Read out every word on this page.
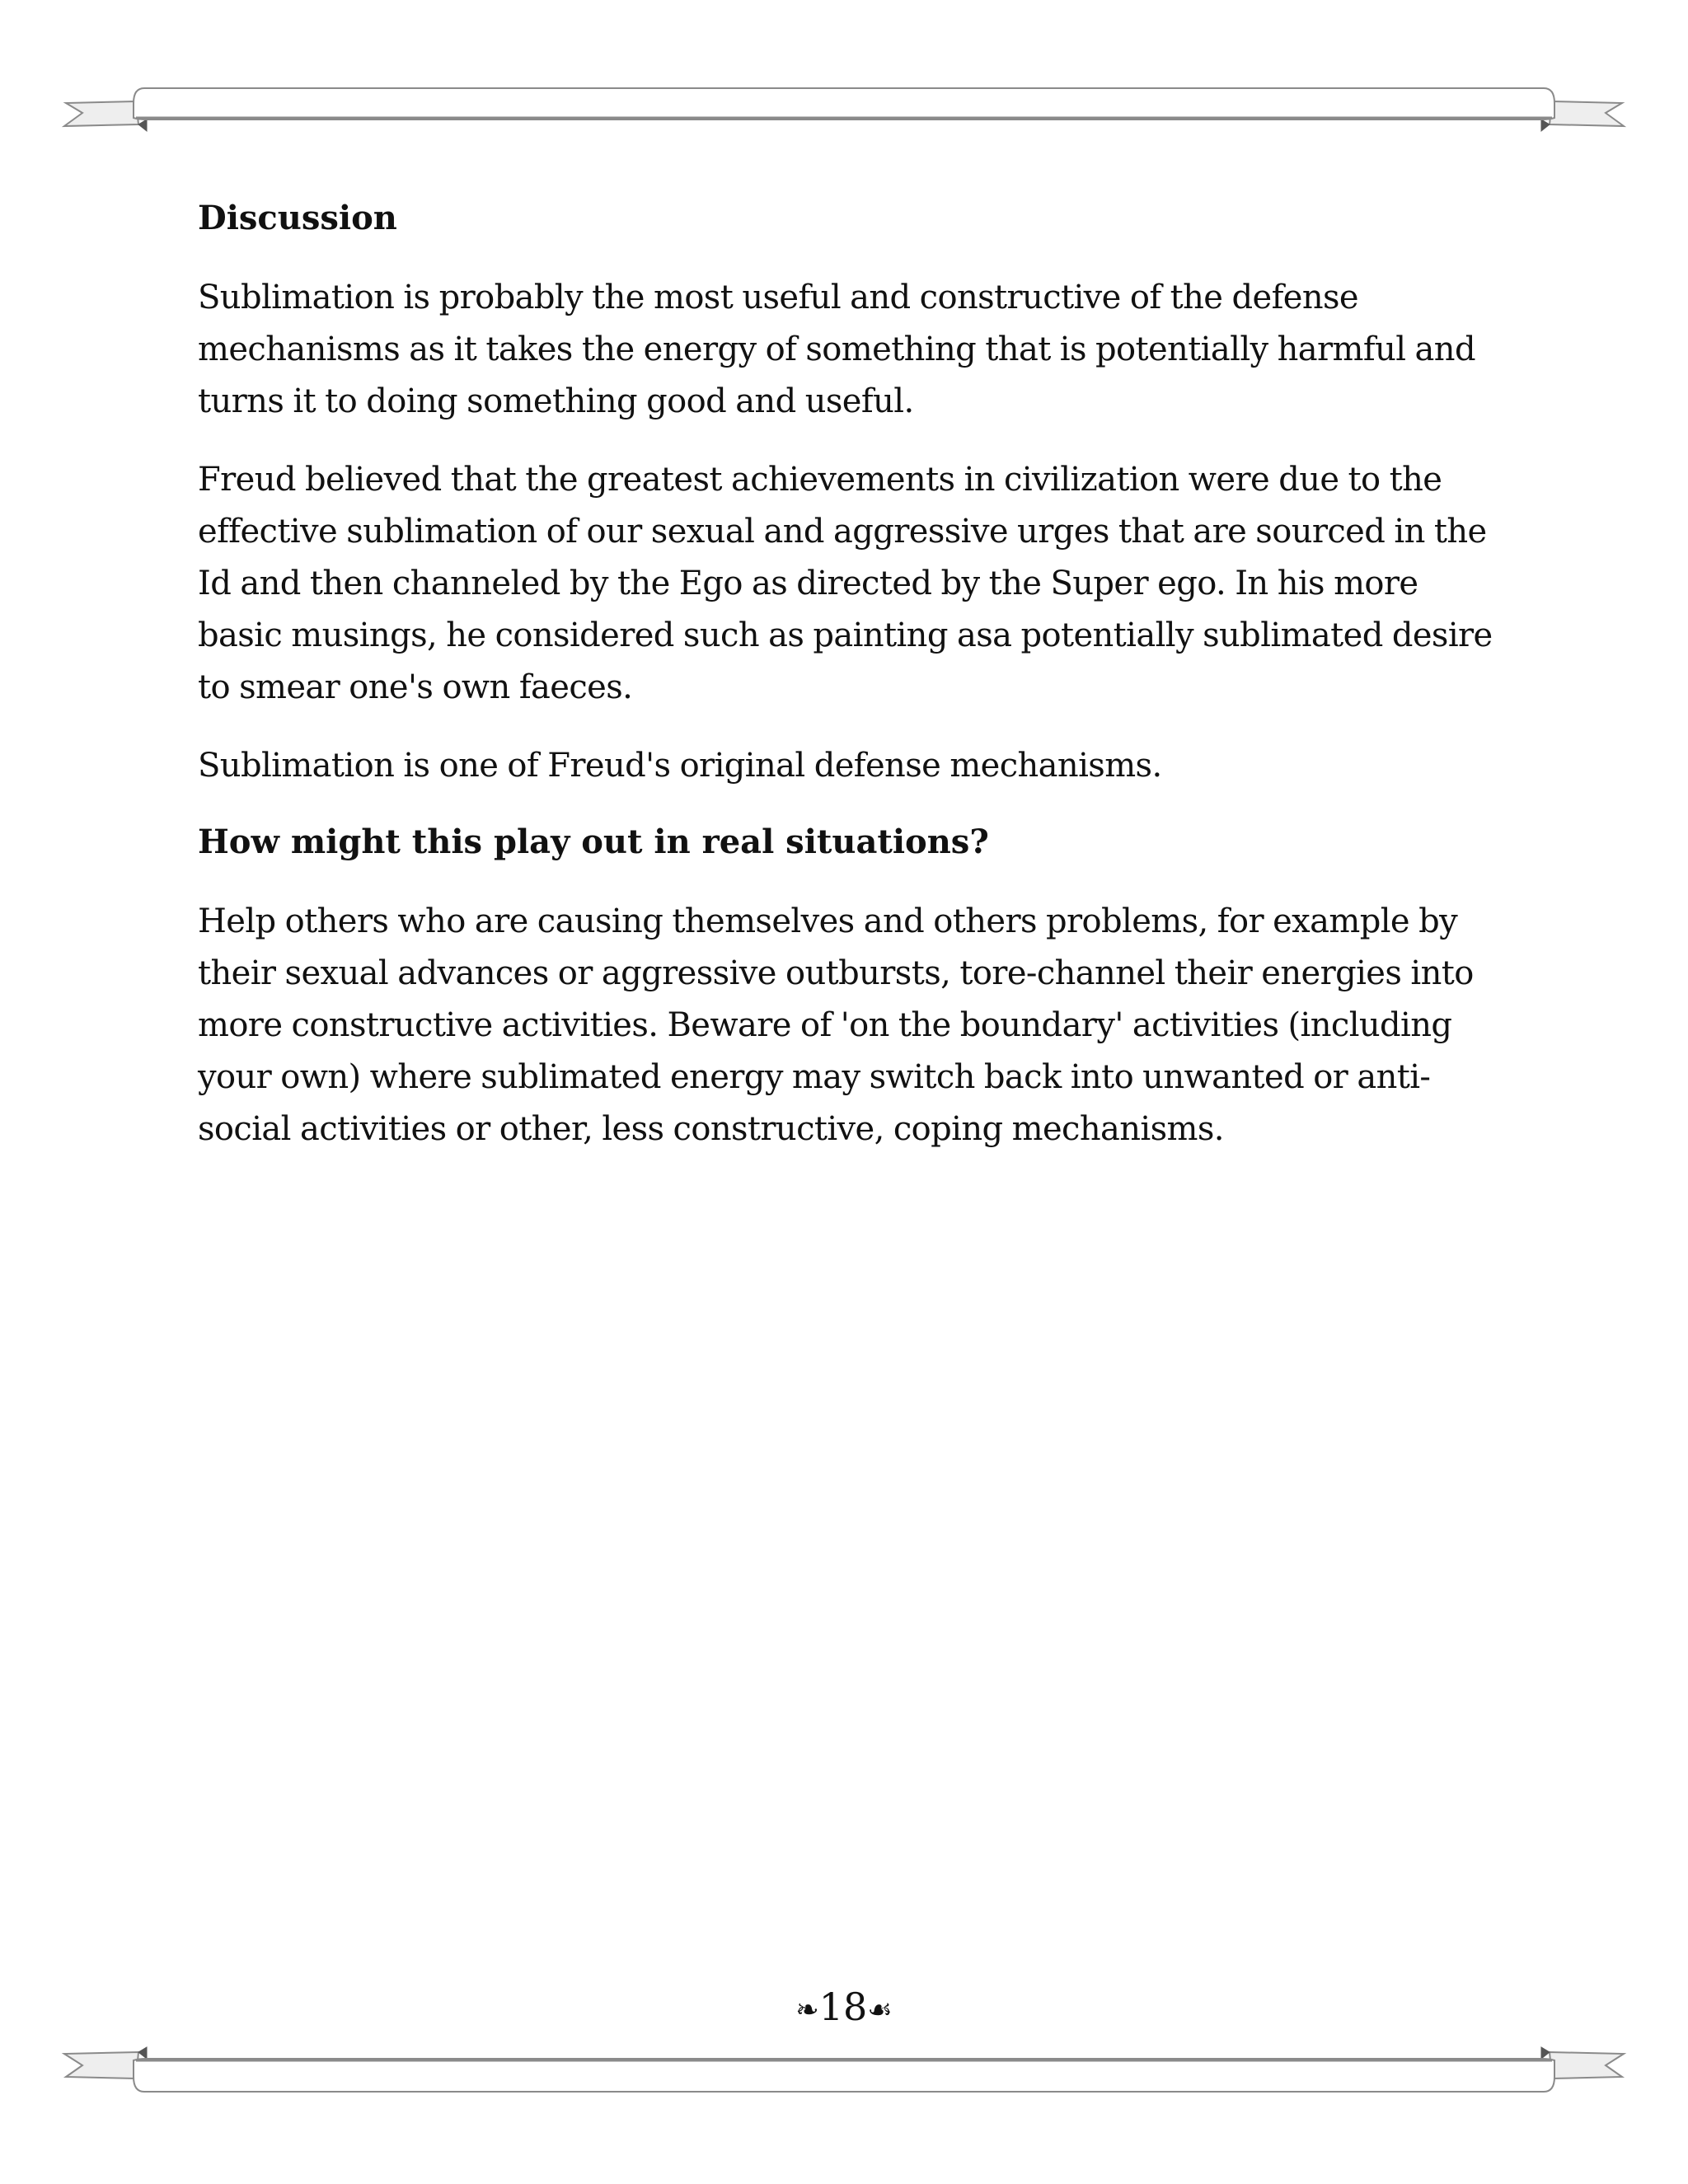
Discussion

Sublimation is probably the most useful and constructive of the defense mechanisms as it takes the energy of something that is potentially harmful and turns it to doing something good and useful.

Freud believed that the greatest achievements in civilization were due to the effective sublimation of our sexual and aggressive urges that are sourced in the Id and then channeled by the Ego as directed by the Super ego. In his more basic musings, he considered such as painting asa potentially sublimated desire to smear one's own faeces.

Sublimation is one of Freud's original defense mechanisms.

How might this play out in real situations?

Help others who are causing themselves and others problems, for example by their sexual advances or aggressive outbursts, tore-channel their energies into more constructive activities. Beware of 'on the boundary' activities (including your own) where sublimated energy may switch back into unwanted or anti-social activities or other, less constructive, coping mechanisms.

❧18☙
